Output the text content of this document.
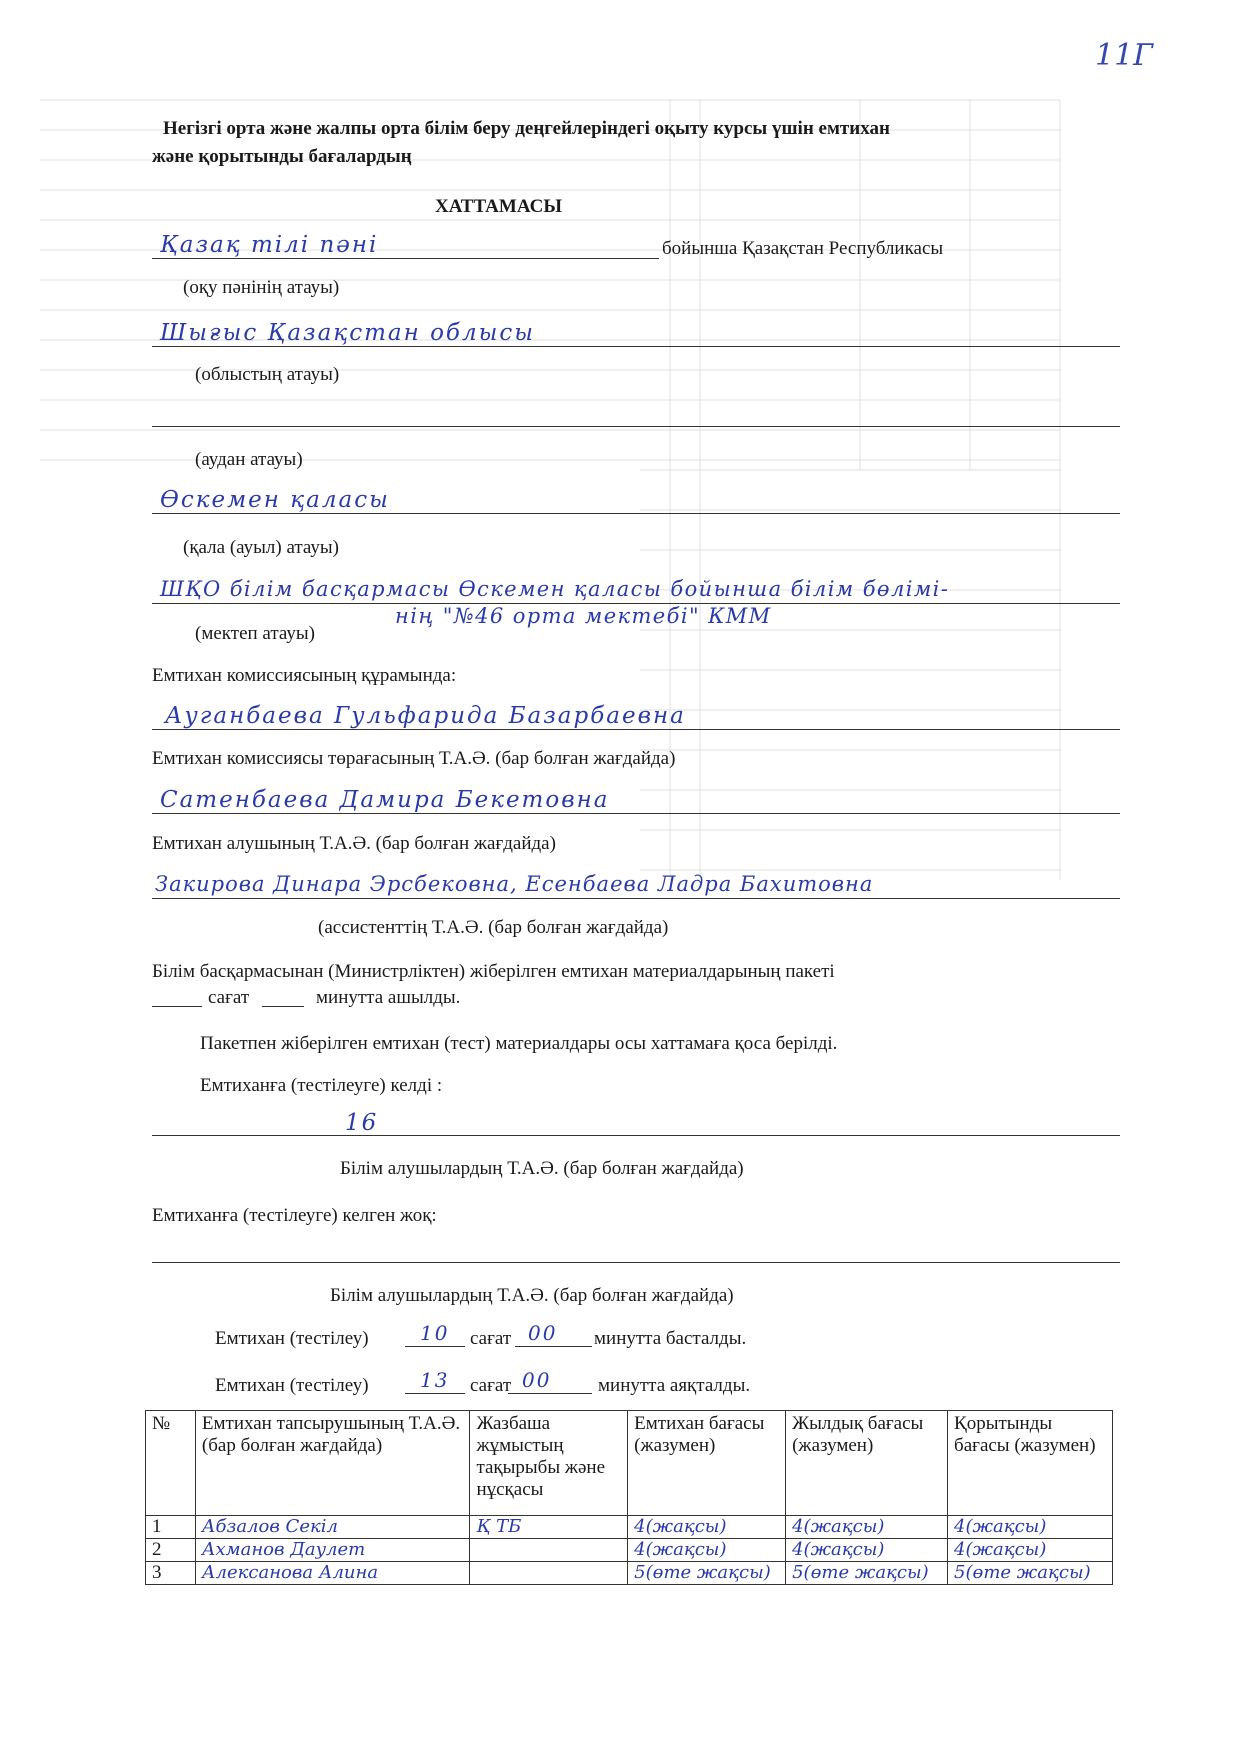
11Г
Негізгі орта және жалпы орта білім беру деңгейлеріндегі оқыту курсы үшін емтихан
және қорытынды бағалардың
ХАТТАМАСЫ
Қазақ тілі пәні	бойынша Қазақстан Республикасы
(оқу пәнінің атауы)
Шығыс Қазақстан облысы
(облыстың атауы)
(аудан атауы)
Өскемен қаласы
(қала (ауыл) атауы)
ШҚО білім басқармасы Өскемен қаласы бойынша білім бөлімі-
нің "№46 орта мектебі" КММ
(мектеп атауы)
Емтихан комиссиясының құрамында:
Ауганбаева Гульфарида Базарбаевна
Емтихан комиссиясы төрағасының Т.А.Ә. (бар болған жағдайда)
Сатенбаева Дамира Бекетовна
Емтихан алушының Т.А.Ә. (бар болған жағдайда)
Закирова Динара Эрсбековна, Есенбаева Ладра Бахитовна
(ассистенттің Т.А.Ә. (бар болған жағдайда)
Білім басқармасынан (Министрліктен) жіберілген емтихан материалдарының пакеті
сағат	минутта ашылды.
Пакетпен жіберілген емтихан (тест) материалдары осы хаттамаға қоса берілді.
Емтиханға (тестілеуге) келді :
16
Білім алушылардың Т.А.Ә. (бар болған жағдайда)
Емтиханға (тестілеуге) келген жоқ:
Білім алушылардың Т.А.Ә. (бар болған жағдайда)
Емтихан (тестілеу)	10 сағат 00 минутта басталды.
Емтихан (тестілеу)	13 сағат 00 минутта аяқталды.
№	Емтихан тапсырушының Т.А.Ә. (бар болған жағдайда)	Жазбаша жұмыстың тақырыбы және нұсқасы	Емтихан бағасы (жазумен)	Жылдық бағасы (жазумен)	Қорытынды бағасы (жазумен)
1	Абзалов Секіл	Қ ТБ	4(жақсы)	4(жақсы)	4(жақсы)
2	Ахманов Даулет		4(жақсы)	4(жақсы)	4(жақсы)
3	Алексанова Алина		5(өте жақсы)	5(өте жақсы)	5(өте жақсы)
